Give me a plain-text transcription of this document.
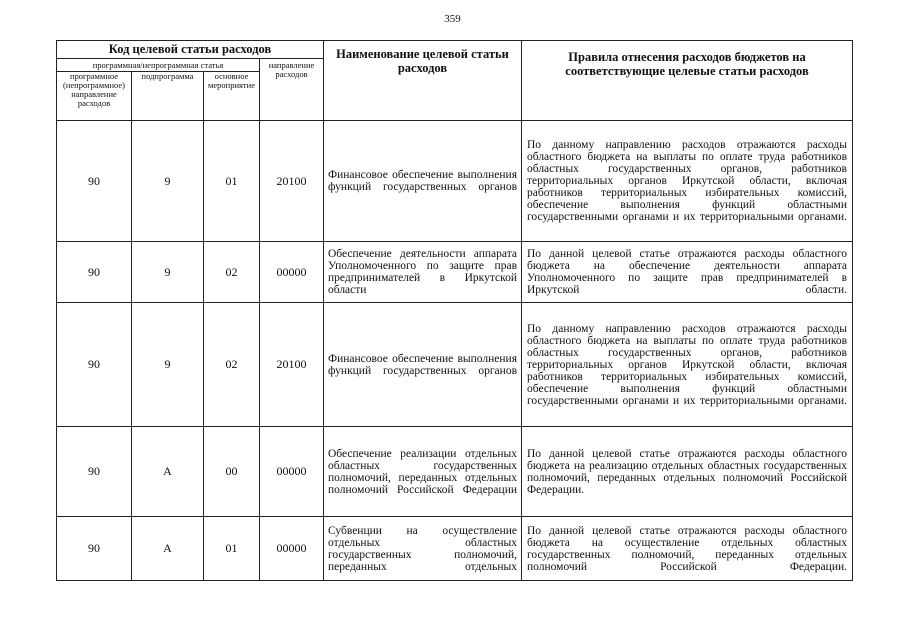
359
Код целевой статьи расходов				Наименование целевой статьи расходов	Правила отнесения расходов бюджетов на соответствующие целевые статьи расходов
программная/непрограммная статья			направление расходов		
программное (непрограммное) направление расходов	подпрограмма	основное мероприятие			
90	9	01	20100	Финансовое обеспечение выполнения функций государственных органов	По данному направлению расходов отражаются расходы областного бюджета на выплаты по оплате труда работников областных государственных органов, работников территориальных органов Иркутской области, включая работников территориальных избирательных комиссий, обеспечение выполнения функций областными государственными органами и их территориальными органами.
90	9	02	00000	Обеспечение деятельности аппарата Уполномоченного по защите прав предпринимателей в Иркутской области	По данной целевой статье отражаются расходы областного бюджета на обеспечение деятельности аппарата Уполномоченного по защите прав предпринимателей в Иркутской области.
90	9	02	20100	Финансовое обеспечение выполнения функций государственных органов	По данному направлению расходов отражаются расходы областного бюджета на выплаты по оплате труда работников областных государственных органов, работников территориальных органов Иркутской области, включая работников территориальных избирательных комиссий, обеспечение выполнения функций областными государственными органами и их территориальными органами.
90	А	00	00000	Обеспечение реализации отдельных областных государственных полномочий, переданных отдельных полномочий Российской Федерации	По данной целевой статье отражаются расходы областного бюджета на реализацию отдельных областных государственных полномочий, переданных отдельных полномочий Российской Федерации.
90	А	01	00000	Субвенции на осуществление отдельных областных государственных полномочий, переданных отдельных	По данной целевой статье отражаются расходы областного бюджета на осуществление отдельных областных государственных полномочий, переданных отдельных полномочий Российской Федерации.
